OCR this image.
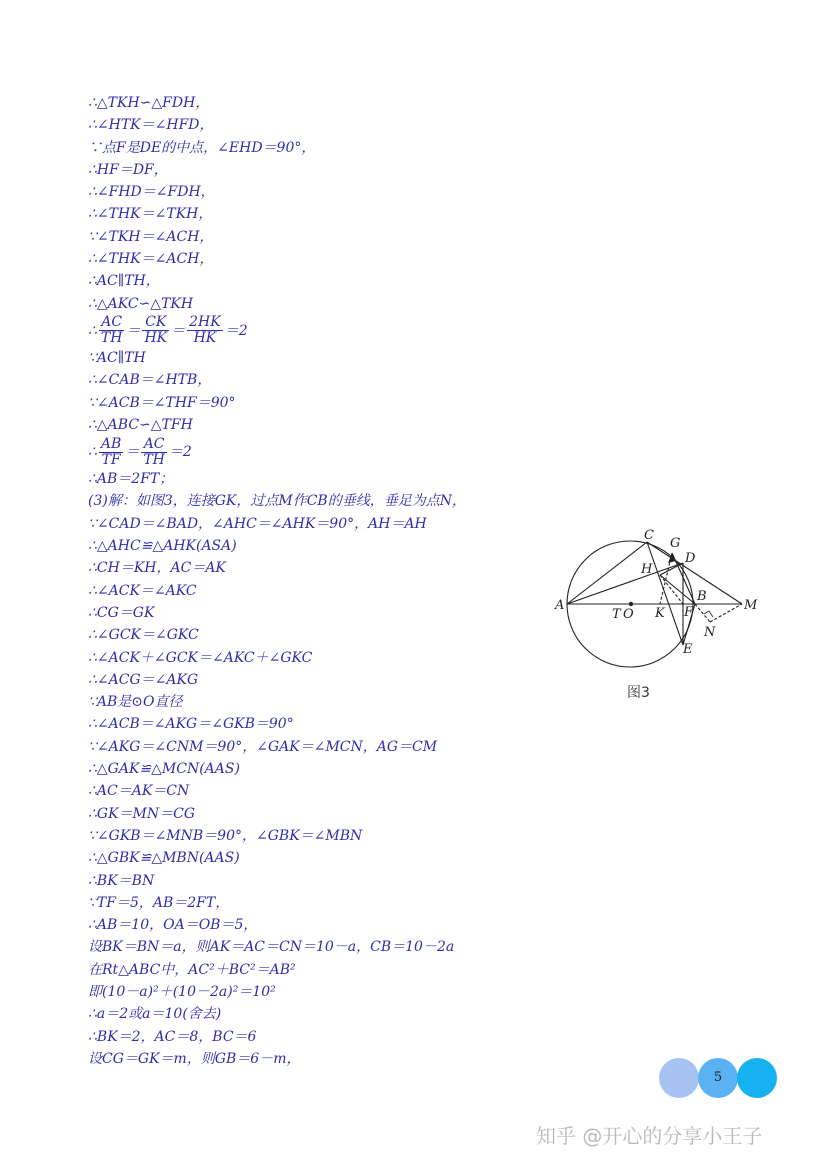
∴△TKH∽△FDH，
∴∠HTK＝∠HFD，
∵点F是DE的中点，∠EHD＝90°，
∴HF＝DF，
∴∠FHD＝∠FDH，
∴∠THK＝∠TKH，
∵∠TKH＝∠ACH，
∴∠THK＝∠ACH，
∴AC∥TH，
∴△AKC∽△TKH
∴ $\frac{AC}{TH} = \frac{CK}{HK} = \frac{2HK}{HK} =2$
∵AC∥TH
∴∠CAB＝∠HTB，
∵∠ACB＝∠THF＝90°
∴△ABC∽△TFH
∴ $\frac{AB}{TF} = \frac{AC}{TH} =2$
∴AB＝2FT；
(3)解：如图3，连接GK，过点M作CB的垂线，垂足为点N，
∵∠CAD＝∠BAD，∠AHC＝∠AHK＝90°，AH＝AH
∴△AHC≌△AHK(ASA)
∴CH＝KH，AC＝AK
∴∠ACK＝∠AKC
∴CG＝GK
∴∠GCK＝∠GKC
∴∠ACK＋∠GCK＝∠AKC＋∠GKC
∴∠ACG＝∠AKG
∵AB是⊙O直径
∴∠ACB＝∠AKG＝∠GKB＝90°
∵∠AKG＝∠CNM＝90°，∠GAK＝∠MCN，AG＝CM
∴△GAK≌△MCN(AAS)
∴AC＝AK＝CN
∴GK＝MN＝CG
∵∠GKB＝∠MNB＝90°，∠GBK＝∠MBN
∴△GBK≌△MBN(AAS)
∴BK＝BN
∵TF＝5，AB＝2FT，
∴AB＝10，OA＝OB＝5，
设BK＝BN＝a，则AK＝AC＝CN＝10－a，CB＝10－2a
在Rt△ABC中，AC²＋BC²＝AB²
即(10－a)²＋(10－2a)²＝10²
∴a＝2或a＝10(舍去)
∴BK＝2，AC＝8，BC＝6
设CG＝GK＝m，则GB＝6－m，
C
G
D
H
A
T O K F
B
M
N
E
图3
5
知乎 @开心的分享小王子
